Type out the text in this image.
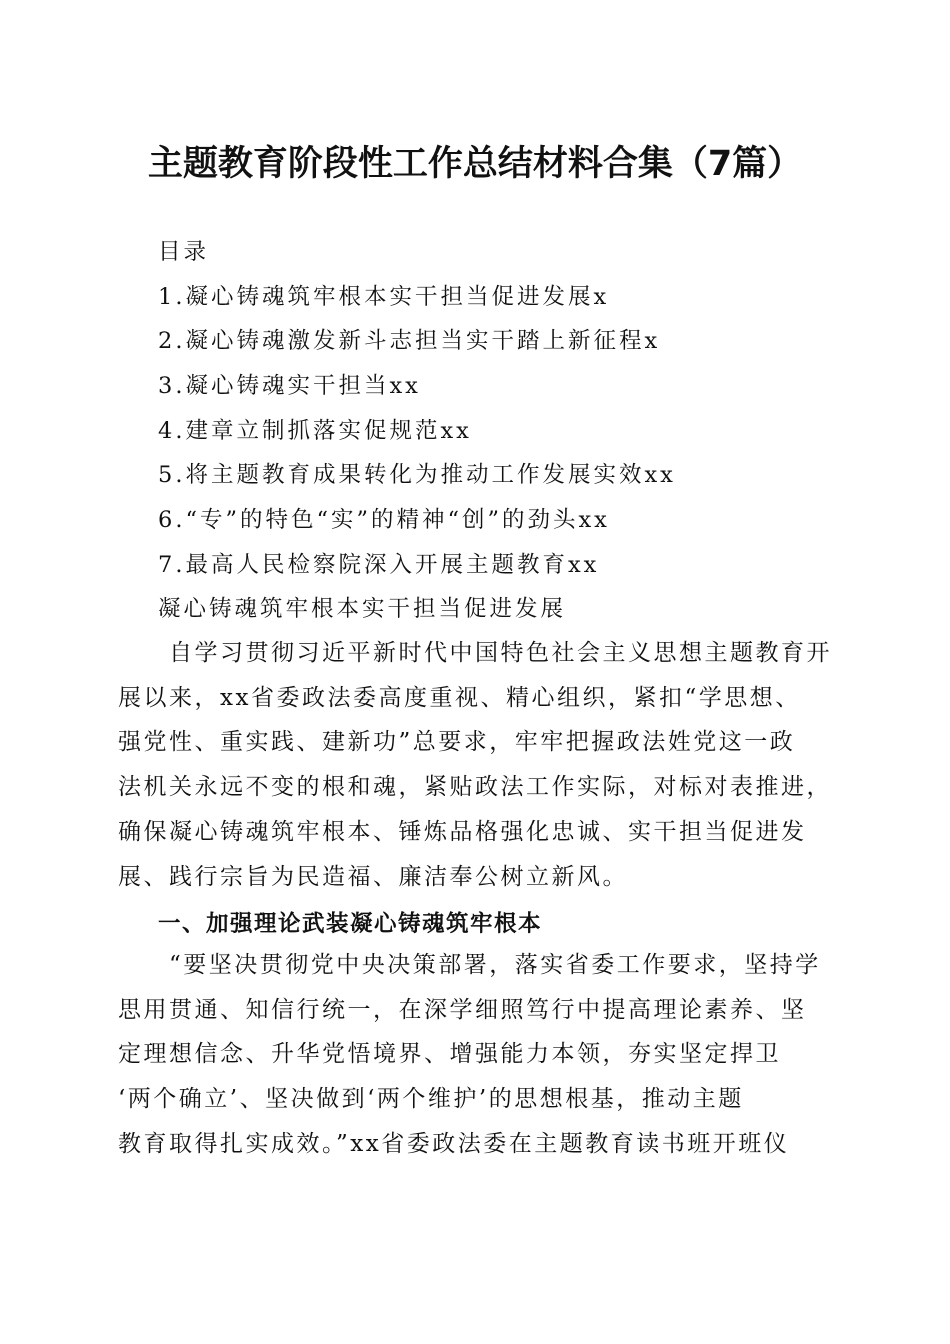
主题教育阶段性工作总结材料合集（7篇）
目录
1.凝心铸魂筑牢根本实干担当促进发展x
2.凝心铸魂激发新斗志担当实干踏上新征程x
3.凝心铸魂实干担当xx
4.建章立制抓落实促规范xx
5.将主题教育成果转化为推动工作发展实效xx
6.“专”的特色“实”的精神“创”的劲头xx
7.最高人民检察院深入开展主题教育xx
凝心铸魂筑牢根本实干担当促进发展
　　自学习贯彻习近平新时代中国特色社会主义思想主题教育开
展以来，xx省委政法委高度重视、精心组织，紧扣“学思想、
强党性、重实践、建新功”总要求，牢牢把握政法姓党这一政
法机关永远不变的根和魂，紧贴政法工作实际，对标对表推进，
确保凝心铸魂筑牢根本、锤炼品格强化忠诚、实干担当促进发
展、践行宗旨为民造福、廉洁奉公树立新风。
一、加强理论武装凝心铸魂筑牢根本
　　“要坚决贯彻党中央决策部署，落实省委工作要求，坚持学
思用贯通、知信行统一，在深学细照笃行中提高理论素养、坚
定理想信念、升华党悟境界、增强能力本领，夯实坚定捍卫
‘两个确立’、坚决做到‘两个维护’的思想根基，推动主题
教育取得扎实成效。”xx省委政法委在主题教育读书班开班仪
